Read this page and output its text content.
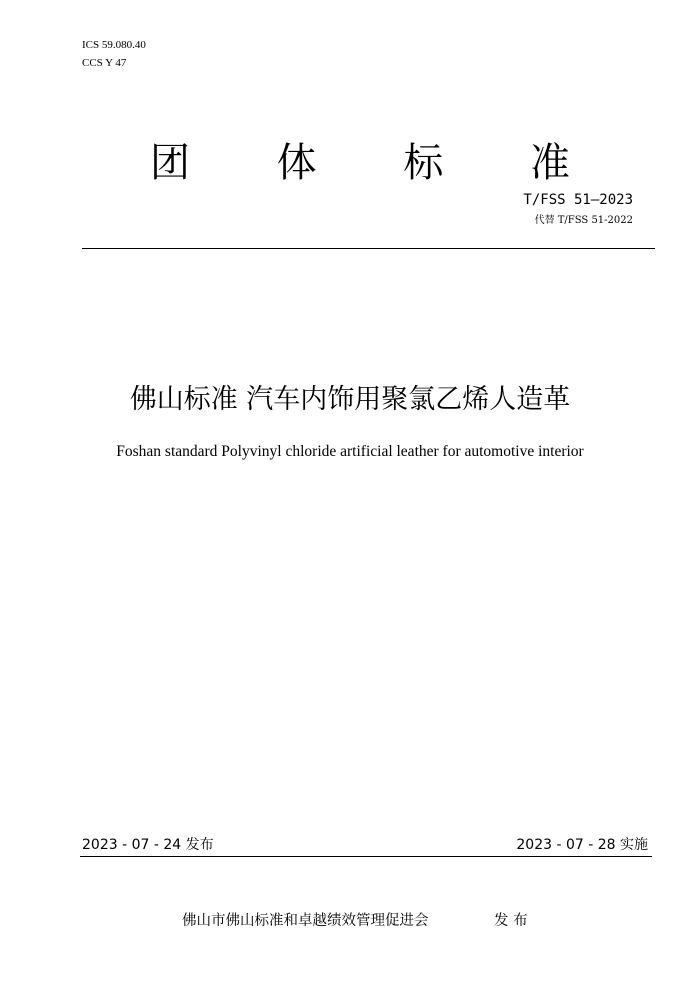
ICS 59.080.40
CCS Y 47
团 体 标 准
T/FSS 51—2023
代替 T/FSS 51-2022
佛山标准 汽车内饰用聚氯乙烯人造革
Foshan standard Polyvinyl chloride artificial leather for automotive interior
2023 - 07 - 24 发布	2023 - 07 - 28 实施
佛山市佛山标准和卓越绩效管理促进会	发 布
